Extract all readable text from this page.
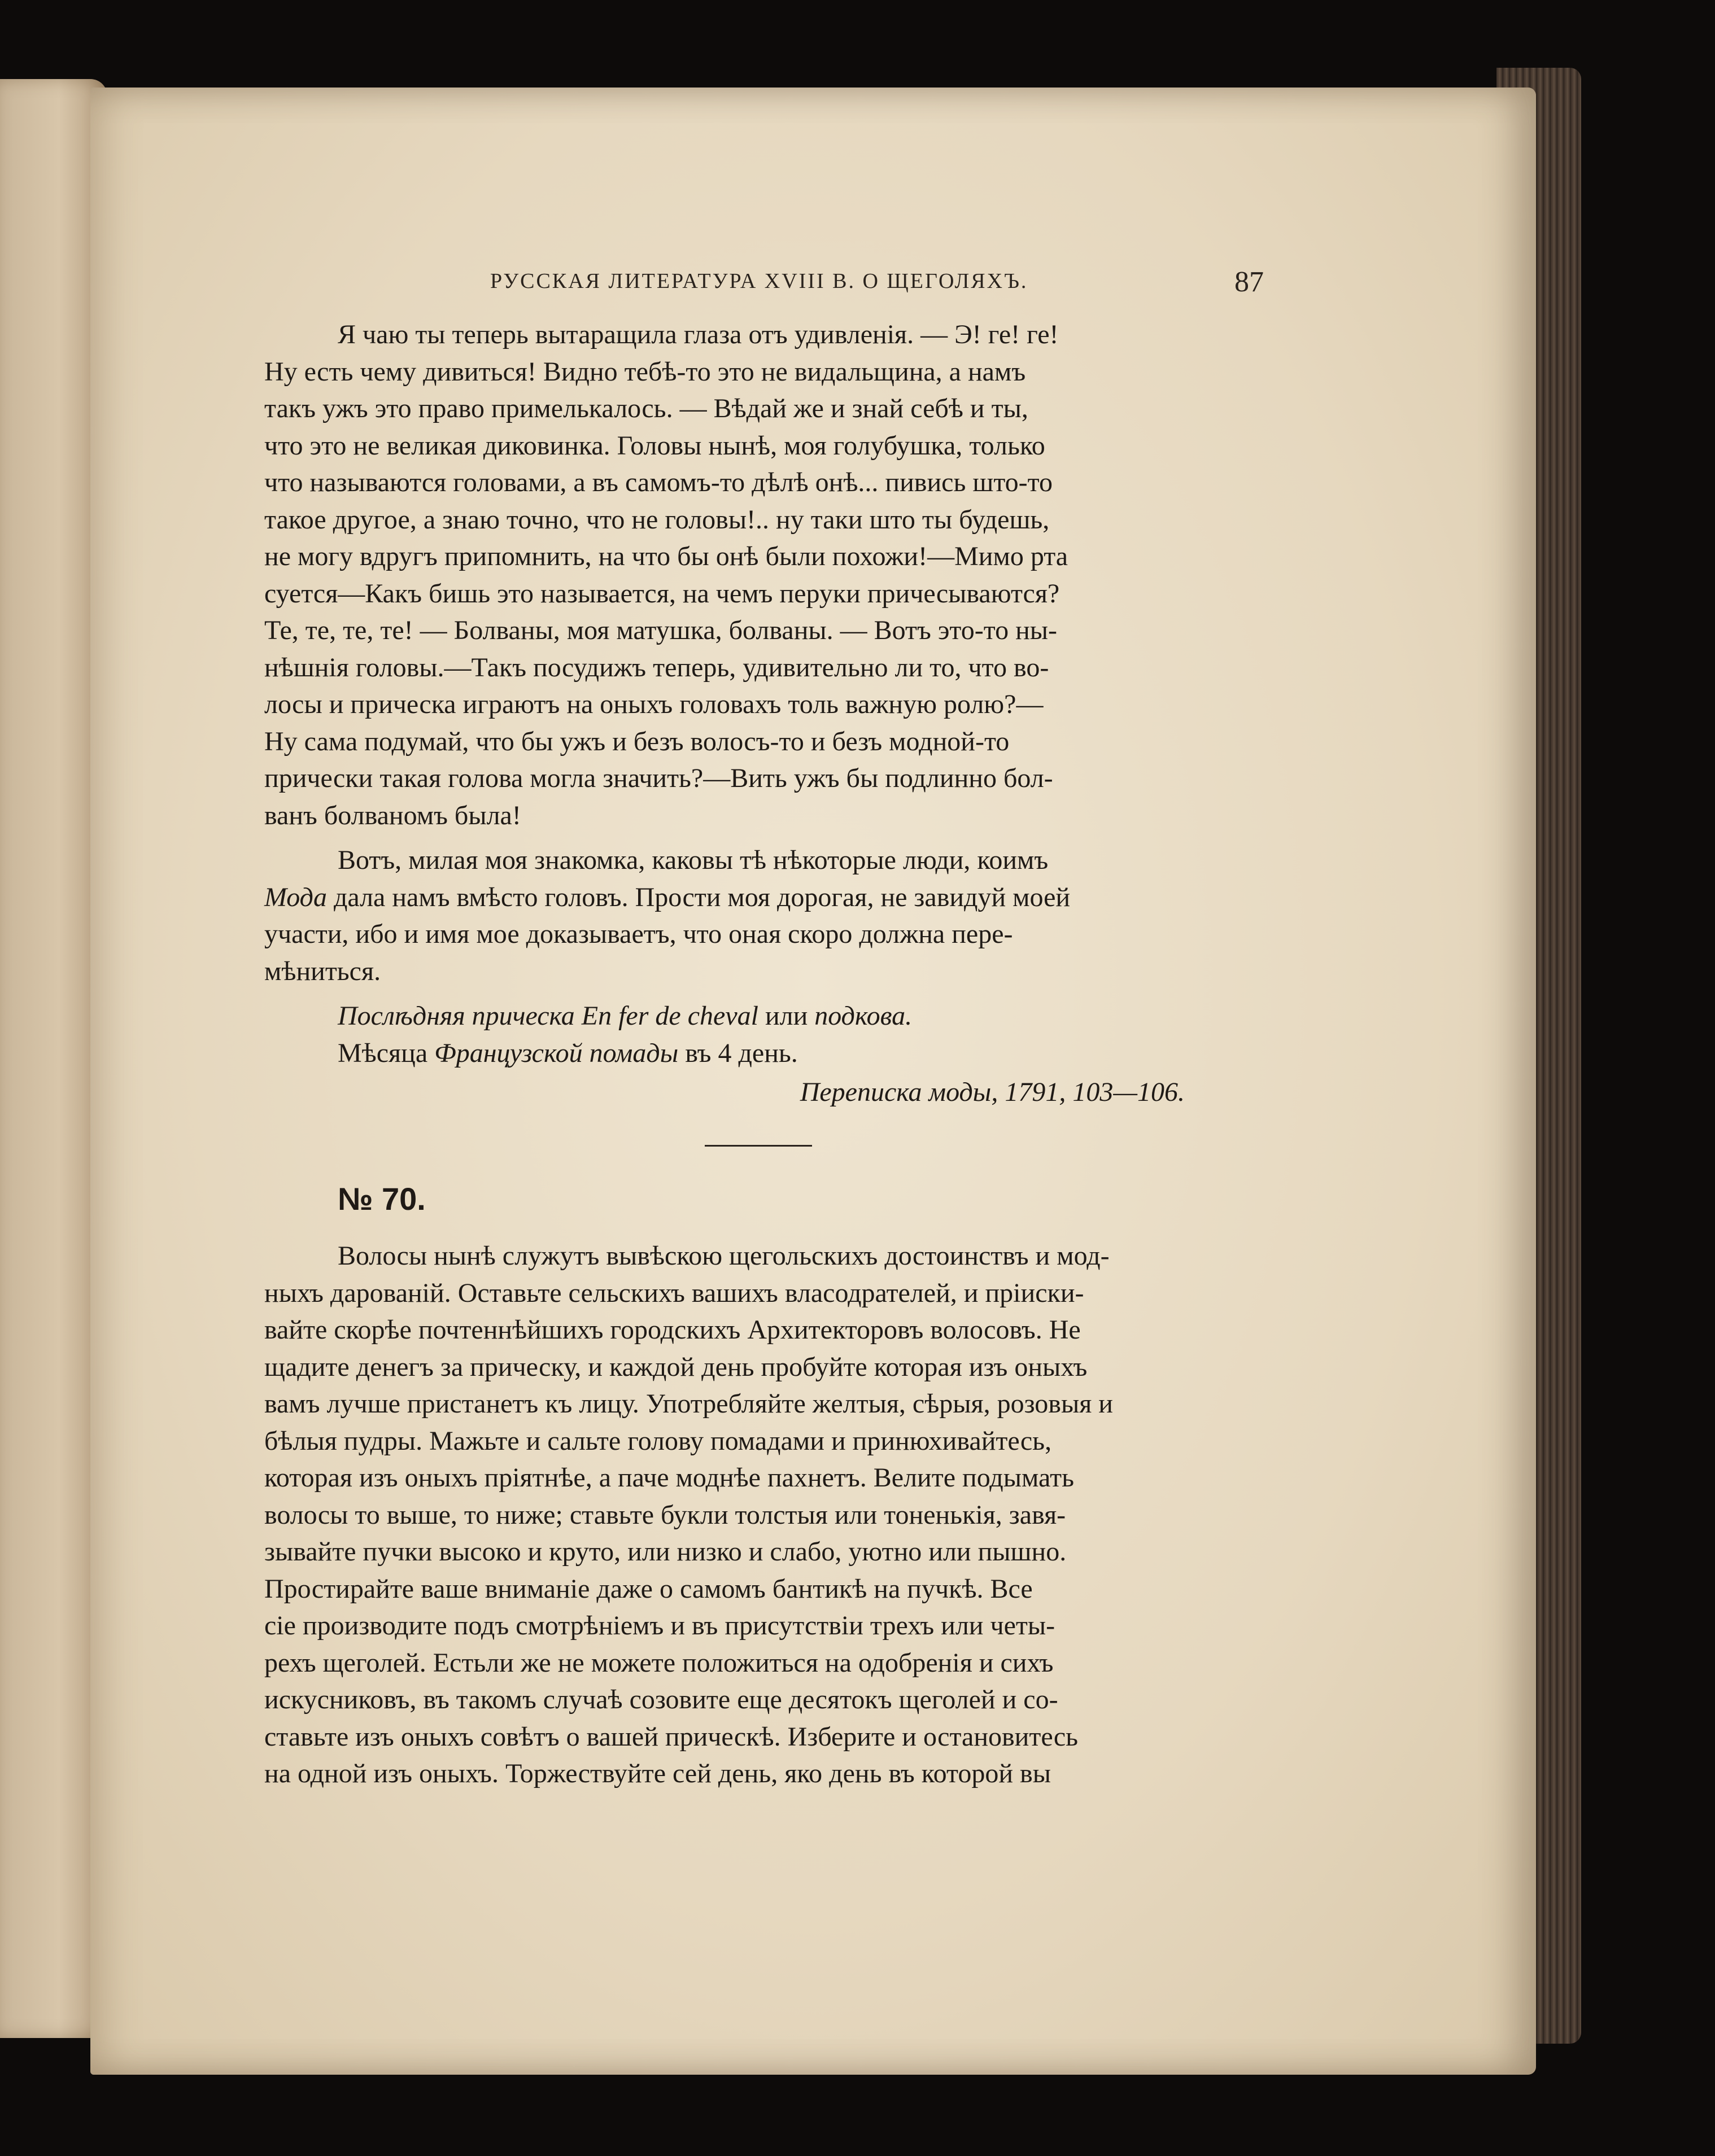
РУССКАЯ ЛИТЕРАТУРА XVIII В. О ЩЕГОЛЯХЪ.	87
Я чаю ты теперь вытаращила глаза отъ удивленія. — Э! ге! ге!
Ну есть чему дивиться! Видно тебѣ-то это не видальщина, а намъ
такъ ужъ это право примелькалось. — Вѣдай же и знай себѣ и ты,
что это не великая диковинка. Головы нынѣ, моя голубушка, только
что называются головами, а въ самомъ-то дѣлѣ онѣ... пивись што-то
такое другое, а знаю точно, что не головы!.. ну таки што ты будешь,
не могу вдругъ припомнить, на что бы онѣ были похожи!—Мимо рта
суется—Какъ бишь это называется, на чемъ перуки причесываются?
Те, те, те, те! — Болваны, моя матушка, болваны. — Вотъ это-то ны-
нѣшнія головы.—Такъ посудижъ теперь, удивительно ли то, что во-
лосы и прическа играютъ на оныхъ головахъ толь важную ролю?—
Ну сама подумай, что бы ужъ и безъ волосъ-то и безъ модной-то
прически такая голова могла значить?—Вить ужъ бы подлинно бол-
ванъ болваномъ была!
Вотъ, милая моя знакомка, каковы тѣ нѣкоторые люди, коимъ
Мода
дала намъ вмѣсто головъ. Прости моя дорогая, не завидуй моей
участи, ибо и имя мое доказываетъ, что оная скоро должна пере-
мѣниться.
Послѣдняя прическа En fer de cheval
или
подкова.
Мѣсяца
Французской помады
въ 4 день.
Переписка моды, 1791, 103—106.
№ 70.
Волосы нынѣ служутъ вывѣскою щегольскихъ достоинствъ и мод-
ныхъ дарованій. Оставьте сельскихъ вашихъ власодрателей, и пріиски-
вайте скорѣе почтеннѣйшихъ городскихъ Архитекторовъ волосовъ. Не
щадите денегъ за прическу, и каждой день пробуйте которая изъ оныхъ
вамъ лучше пристанетъ къ лицу. Употребляйте желтыя, сѣрыя, розовыя и
бѣлыя пудры. Мажьте и сальте голову помадами и принюхивайтесь,
которая изъ оныхъ пріятнѣе, а паче моднѣе пахнетъ. Велите подымать
волосы то выше, то ниже; ставьте букли толстыя или тоненькія, завя-
зывайте пучки высоко и круто, или низко и слабо, уютно или пышно.
Простирайте ваше вниманіе даже о самомъ бантикѣ на пучкѣ. Все
сіе производите подъ смотрѣніемъ и въ присутствіи трехъ или четы-
рехъ щеголей. Естьли же не можете положиться на одобренія и сихъ
искусниковъ, въ такомъ случаѣ созовите еще десятокъ щеголей и со-
ставьте изъ оныхъ совѣтъ о вашей прическѣ. Изберите и остановитесь
на одной изъ оныхъ. Торжествуйте сей день, яко день въ которой вы
